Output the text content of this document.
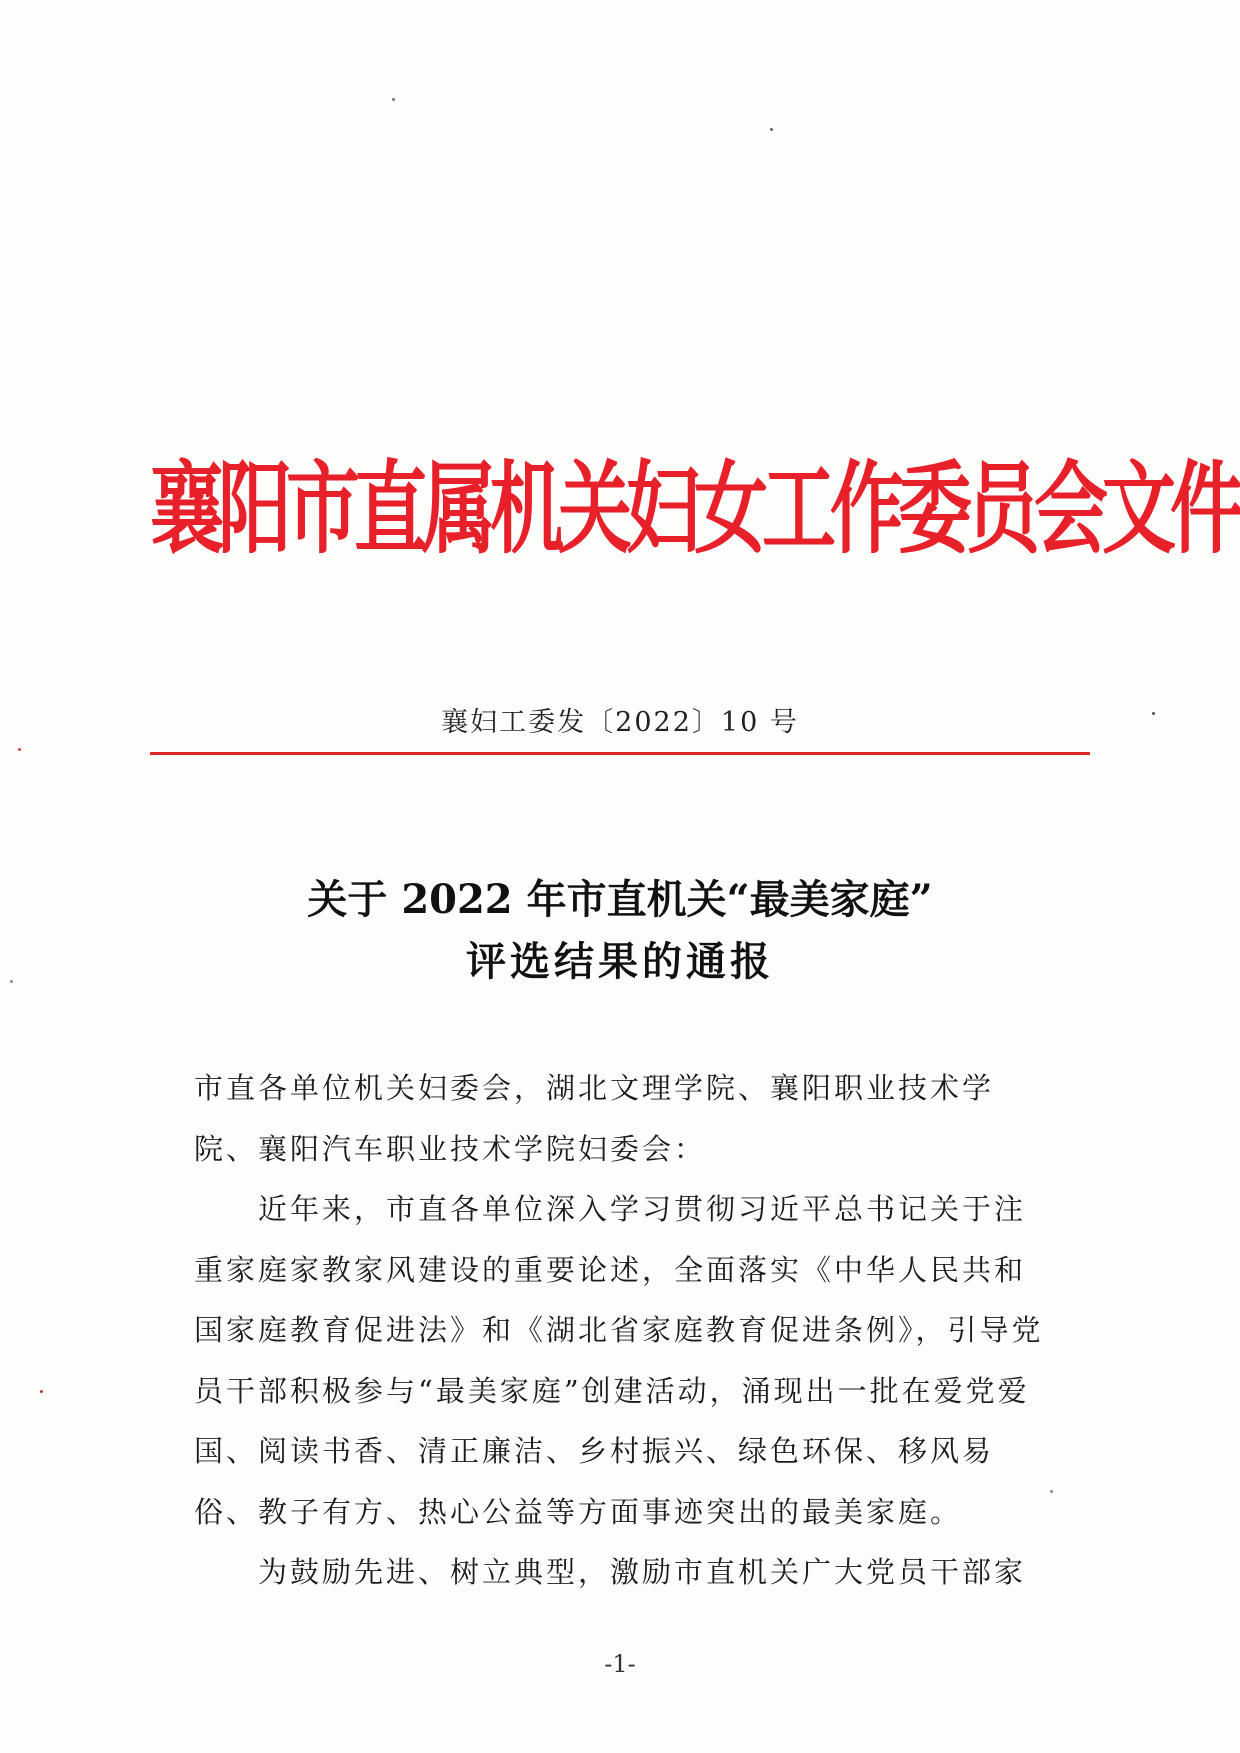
襄阳市直属机关妇女工作委员会文件
襄妇工委发〔2022〕10 号
关于 2022 年市直机关“最美家庭”
评选结果的通报

市直各单位机关妇委会，湖北文理学院、襄阳职业技术学院、襄阳汽车职业技术学院妇委会：

近年来，市直各单位深入学习贯彻习近平总书记关于注重家庭家教家风建设的重要论述，全面落实《中华人民共和国家庭教育促进法》和《湖北省家庭教育促进条例》，引导党员干部积极参与“最美家庭”创建活动，涌现出一批在爱党爱国、阅读书香、清正廉洁、乡村振兴、绿色环保、移风易俗、教子有方、热心公益等方面事迹突出的最美家庭。

为鼓励先进、树立典型，激励市直机关广大党员干部家

-1-
